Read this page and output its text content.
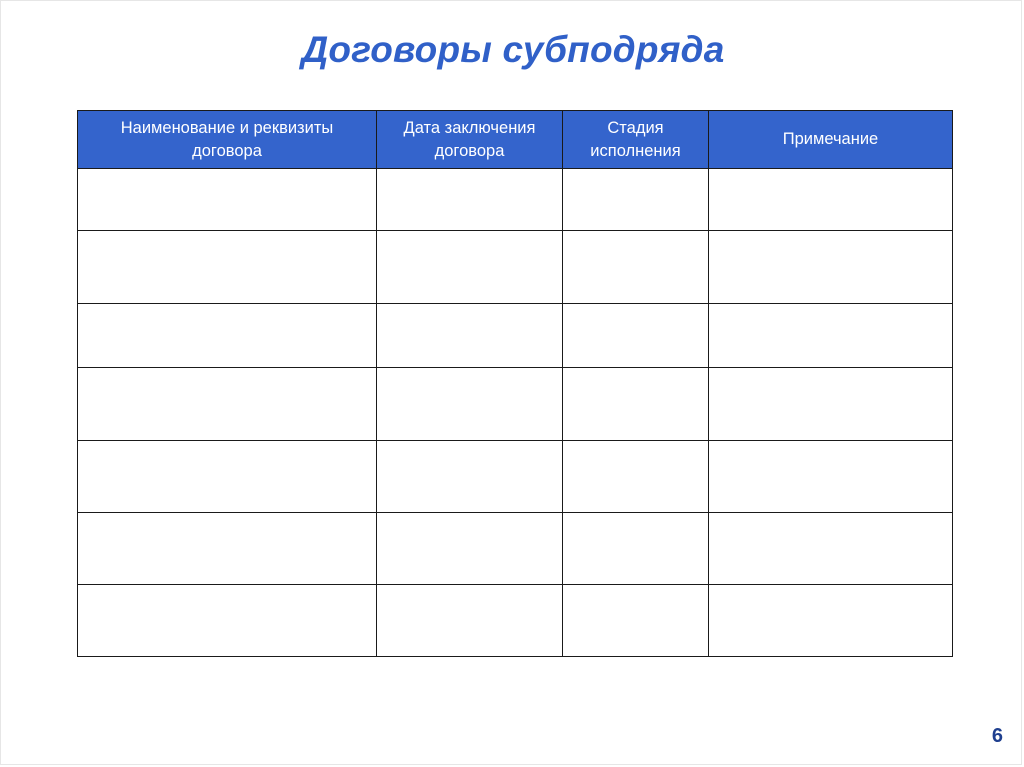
Договоры субподряда
Наименование и реквизиты договора	Дата заключения договора	Стадия исполнения	Примечание

6
